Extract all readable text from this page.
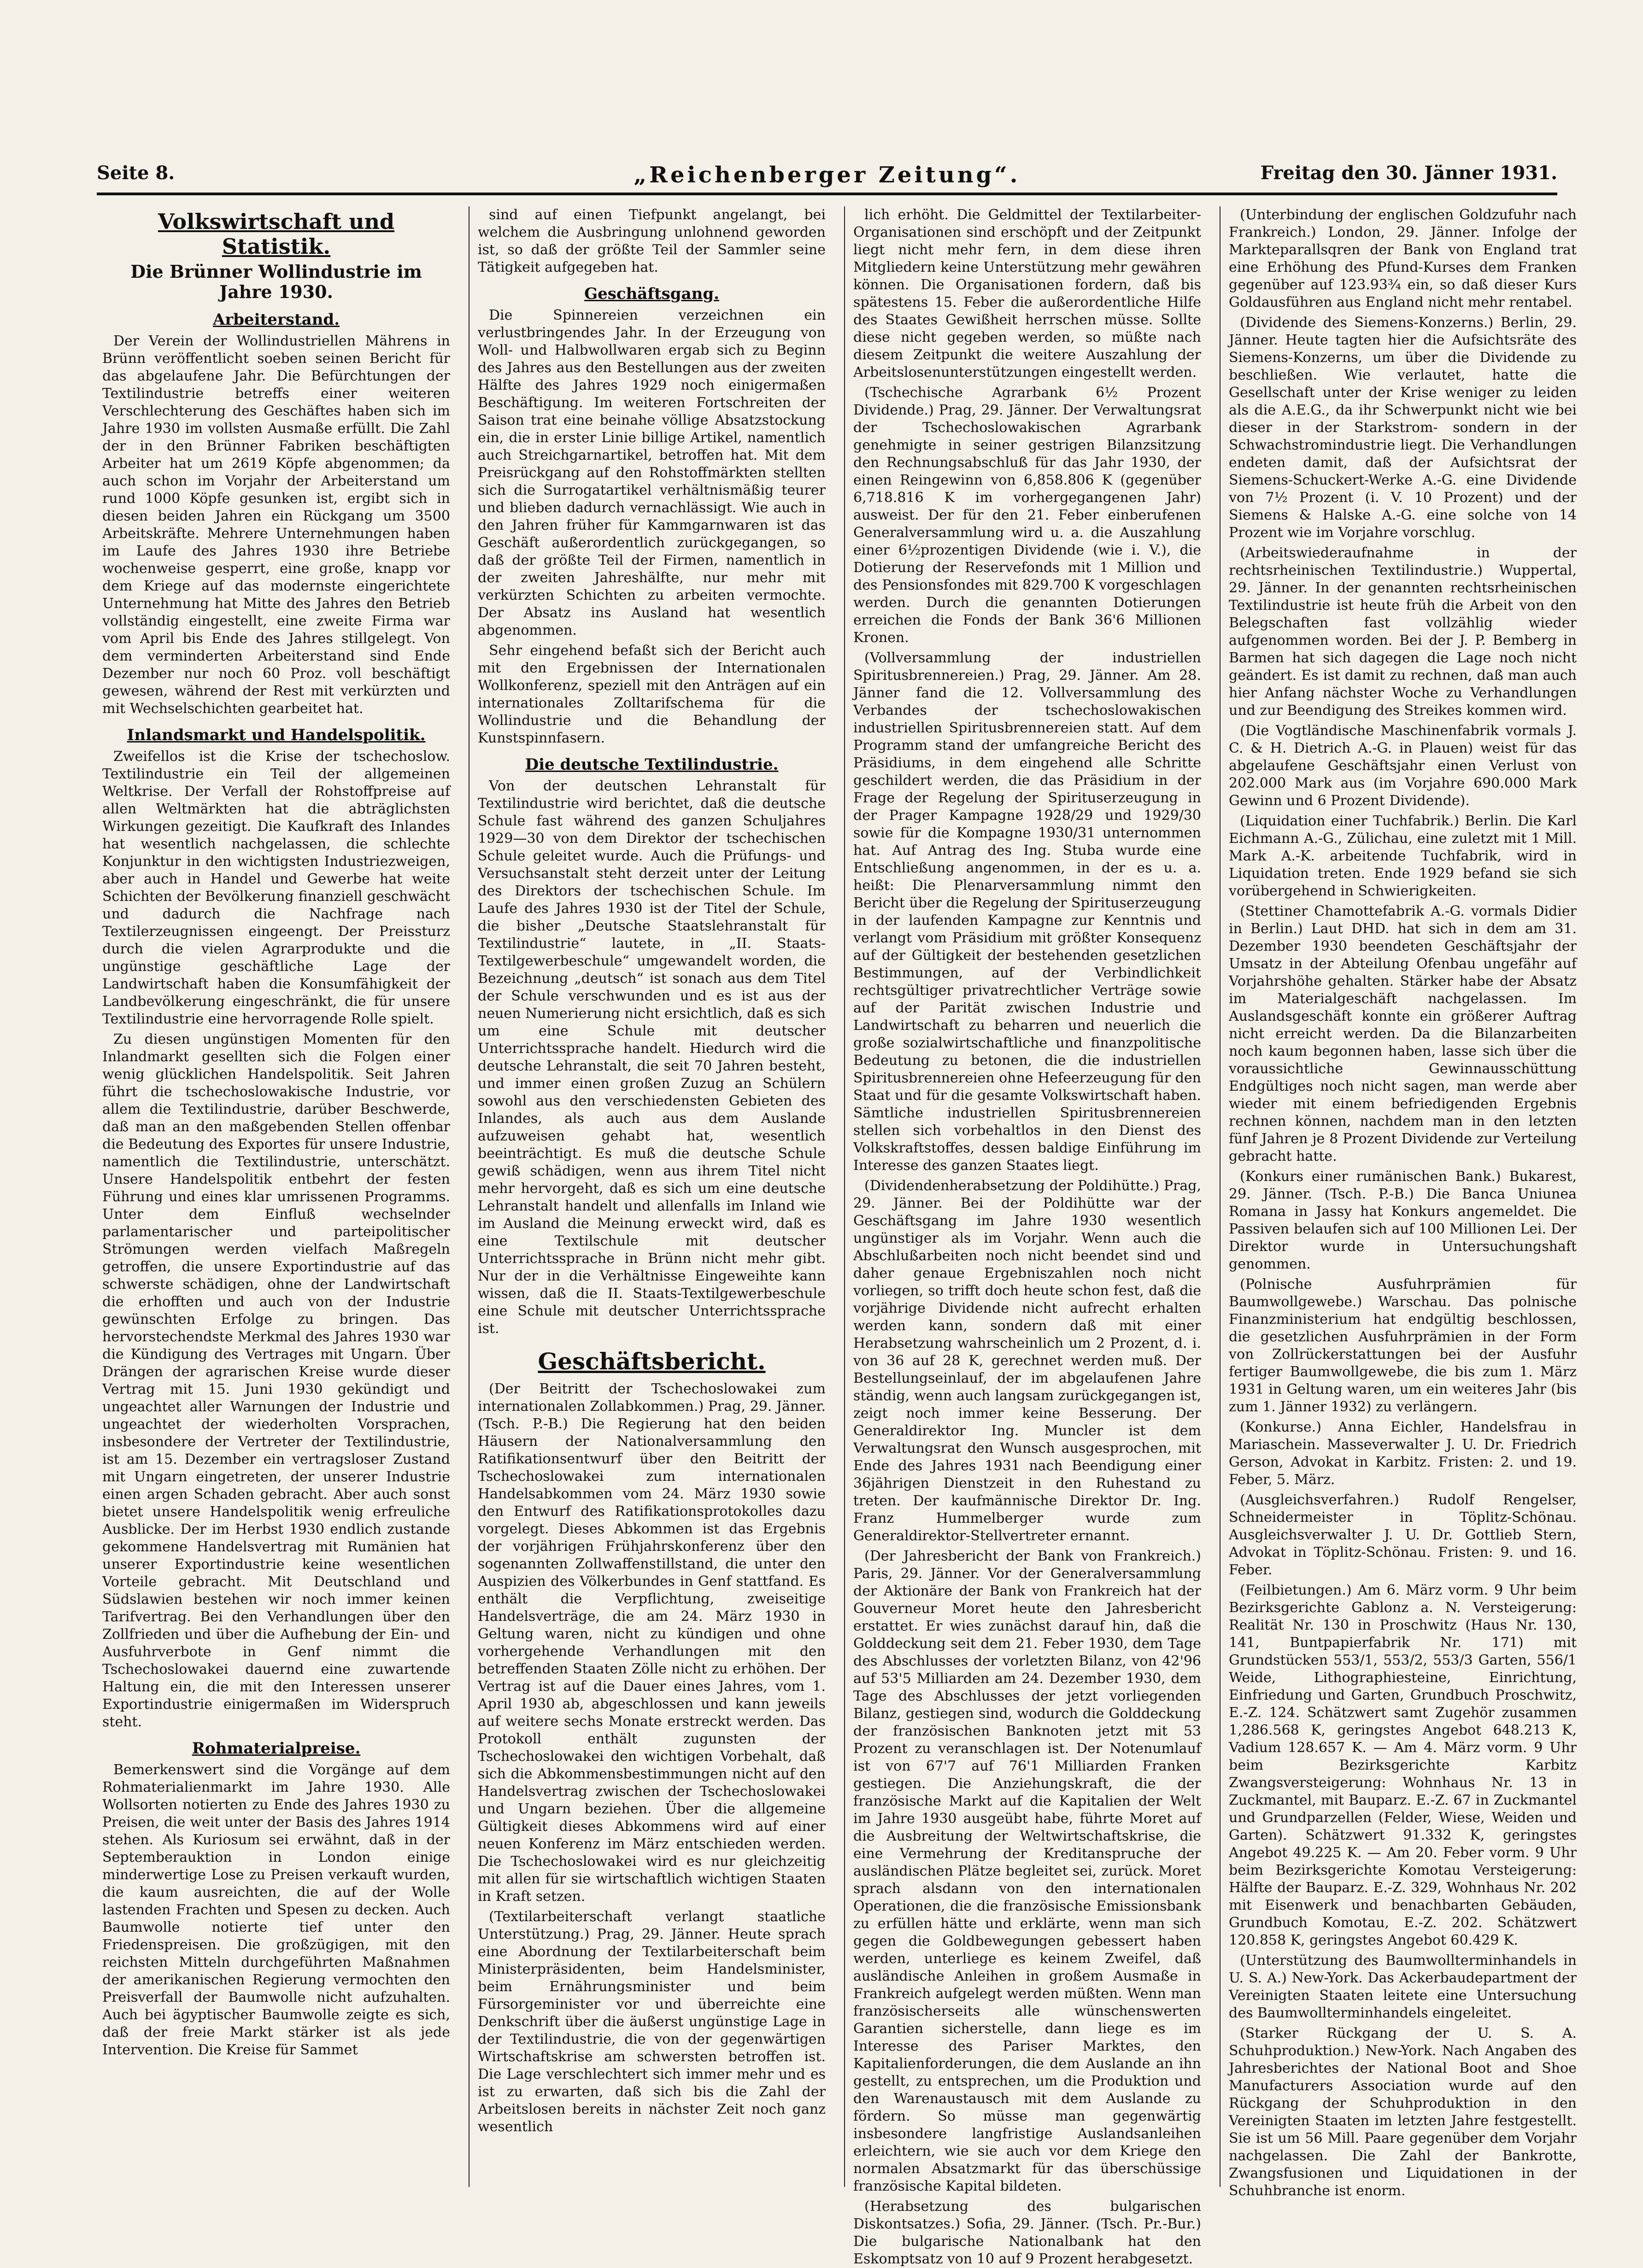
„Reichenberger Zeitung“.
Seite 8.	Freitag den 30. Jänner 1931.
Volkswirtschaft und Statistik.
Die Brünner Wollindustrie im Jahre 1930.
Arbeiterstand.

Der Verein der Wollindustriellen Mährens in Brünn veröffentlicht soeben seinen Bericht für das abgelaufene Jahr. Die Befürchtungen der Textilindustrie betreffs einer weiteren Verschlechterung des Geschäftes haben sich im Jahre 1930 im vollsten Ausmaße erfüllt. Die Zahl der in den Brünner Fabriken beschäftigten Arbeiter hat um 2619 Köpfe abgenommen; da auch schon im Vorjahr der Arbeiterstand um rund 1000 Köpfe gesunken ist, ergibt sich in diesen beiden Jahren ein Rückgang um 3500 Arbeitskräfte. Mehrere Unternehmungen haben im Laufe des Jahres 1930 ihre Betriebe wochenweise gesperrt, eine große, knapp vor dem Kriege auf das modernste eingerichtete Unternehmung hat Mitte des Jahres den Betrieb vollständig eingestellt, eine zweite Firma war vom April bis Ende des Jahres stillgelegt. Von dem verminderten Arbeiterstand sind Ende Dezember nur noch 60 Proz. voll beschäftigt gewesen, während der Rest mit verkürzten und mit Wechselschichten gearbeitet hat.

Inlandsmarkt und Handelspolitik.

Zweifellos ist die Krise der tschechoslow. Textilindustrie ein Teil der allgemeinen Weltkrise. Der Verfall der Rohstoffpreise auf allen Weltmärkten hat die abträglichsten Wirkungen gezeitigt. Die Kaufkraft des Inlandes hat wesentlich nachgelassen, die schlechte Konjunktur in den wichtigsten Industriezweigen, aber auch in Handel und Gewerbe hat weite Schichten der Bevölkerung finanziell geschwächt und dadurch die Nachfrage nach Textilerzeugnissen eingeengt. Der Preissturz durch die vielen Agrarprodukte und die ungünstige geschäftliche Lage der Landwirtschaft haben die Konsumfähigkeit der Landbevölkerung eingeschränkt, die für unsere Textilindustrie eine hervorragende Rolle spielt.

Zu diesen ungünstigen Momenten für den Inlandmarkt gesellten sich die Folgen einer wenig glücklichen Handelspolitik. Seit Jahren führt die tschechoslowakische Industrie, vor allem die Textilindustrie, darüber Beschwerde, daß man an den maßgebenden Stellen offenbar die Bedeutung des Exportes für unsere Industrie, namentlich die Textilindustrie, unterschätzt. Unsere Handelspolitik entbehrt der festen Führung und eines klar umrissenen Programms. Unter dem Einfluß wechselnder parlamentarischer und parteipolitischer Strömungen werden vielfach Maßregeln getroffen, die unsere Exportindustrie auf das schwerste schädigen, ohne der Landwirtschaft die erhofften und auch von der Industrie gewünschten Erfolge zu bringen. Das hervorstechendste Merkmal des Jahres 1930 war die Kündigung des Vertrages mit Ungarn. Über Drängen der agrarischen Kreise wurde dieser Vertrag mit 15. Juni 1930 gekündigt und ungeachtet aller Warnungen der Industrie und ungeachtet der wiederholten Vorsprachen, insbesondere der Vertreter der Textilindustrie, ist am 15. Dezember ein vertragsloser Zustand mit Ungarn eingetreten, der unserer Industrie einen argen Schaden gebracht. Aber auch sonst bietet unsere Handelspolitik wenig erfreuliche Ausblicke. Der im Herbst 1930 endlich zustande gekommene Handelsvertrag mit Rumänien hat unserer Exportindustrie keine wesentlichen Vorteile gebracht. Mit Deutschland und Südslawien bestehen wir noch immer keinen Tarifvertrag. Bei den Verhandlungen über den Zollfrieden und über die Aufhebung der Ein- und Ausfuhrverbote in Genf nimmt die Tschechoslowakei dauernd eine zuwartende Haltung ein, die mit den Interessen unserer Exportindustrie einigermaßen im Widerspruch steht.

Rohmaterialpreise.

Bemerkenswert sind die Vorgänge auf dem Rohmaterialienmarkt im Jahre 1930. Alle Wollsorten notierten zu Ende des Jahres 1930 zu Preisen, die weit unter der Basis des Jahres 1914 stehen. Als Kuriosum sei erwähnt, daß in der Septemberauktion in London einige minderwertige Lose zu Preisen verkauft wurden, die kaum ausreichten, die auf der Wolle lastenden Frachten und Spesen zu decken. Auch Baumwolle notierte tief unter den Friedenspreisen. Die großzügigen, mit den reichsten Mitteln durchgeführten Maßnahmen der amerikanischen Regierung vermochten den Preisverfall der Baumwolle nicht aufzuhalten. Auch bei ägyptischer Baumwolle zeigte es sich, daß der freie Markt stärker ist als jede Intervention. Die Kreise für Sammet

sind auf einen Tiefpunkt angelangt, bei welchem die Ausbringung unlohnend geworden ist, so daß der größte Teil der Sammler seine Tätigkeit aufgegeben hat.

Geschäftsgang.

Die Spinnereien verzeichnen ein verlustbringendes Jahr. In der Erzeugung von Woll- und Halbwollwaren ergab sich zu Beginn des Jahres aus den Bestellungen aus der zweiten Hälfte des Jahres 1929 noch einigermaßen Beschäftigung. Im weiteren Fortschreiten der Saison trat eine beinahe völlige Absatzstockung ein, die in erster Linie billige Artikel, namentlich auch Streichgarnartikel, betroffen hat. Mit dem Preisrückgang auf den Rohstoffmärkten stellten sich die Surrogatartikel verhältnismäßig teurer und blieben dadurch vernachlässigt. Wie auch in den Jahren früher für Kammgarnwaren ist das Geschäft außerordentlich zurückgegangen, so daß der größte Teil der Firmen, namentlich in der zweiten Jahreshälfte, nur mehr mit verkürzten Schichten zu arbeiten vermochte. Der Absatz ins Ausland hat wesentlich abgenommen.

Sehr eingehend befaßt sich der Bericht auch mit den Ergebnissen der Internationalen Wollkonferenz, speziell mit den Anträgen auf ein internationales Zolltarifschema für die Wollindustrie und die Behandlung der Kunstspinnfasern.

Die deutsche Textilindustrie.

Von der deutschen Lehranstalt für Textilindustrie wird berichtet, daß die deutsche Schule fast während des ganzen Schuljahres 1929—30 von dem Direktor der tschechischen Schule geleitet wurde. Auch die Prüfungs- und Versuchsanstalt steht derzeit unter der Leitung des Direktors der tschechischen Schule. Im Laufe des Jahres 1930 ist der Titel der Schule, die bisher „Deutsche Staatslehranstalt für Textilindustrie“ lautete, in „II. Staats-Textilgewerbeschule“ umgewandelt worden, die Bezeichnung „deutsch“ ist sonach aus dem Titel der Schule verschwunden und es ist aus der neuen Numerierung nicht ersichtlich, daß es sich um eine Schule mit deutscher Unterrichtssprache handelt. Hiedurch wird die deutsche Lehranstalt, die seit 70 Jahren besteht, und immer einen großen Zuzug an Schülern sowohl aus den verschiedensten Gebieten des Inlandes, als auch aus dem Auslande aufzuweisen gehabt hat, wesentlich beeinträchtigt. Es muß die deutsche Schule gewiß schädigen, wenn aus ihrem Titel nicht mehr hervorgeht, daß es sich um eine deutsche Lehranstalt handelt und allenfalls im Inland wie im Ausland die Meinung erweckt wird, daß es eine Textilschule mit deutscher Unterrichtssprache in Brünn nicht mehr gibt. Nur der in die Verhältnisse Eingeweihte kann wissen, daß die II. Staats-Textilgewerbeschule eine Schule mit deutscher Unterrichtssprache ist.

Geschäftsbericht.

(Der Beitritt der Tschechoslowakei zum internationalen Zollabkommen.) Prag, 29. Jänner. (Tsch. P.-B.) Die Regierung hat den beiden Häusern der Nationalversammlung den Ratifikationsentwurf über den Beitritt der Tschechoslowakei zum internationalen Handelsabkommen vom 24. März 1930 sowie den Entwurf des Ratifikationsprotokolles dazu vorgelegt. Dieses Abkommen ist das Ergebnis der vorjährigen Frühjahrskonferenz über den sogenannten Zollwaffenstillstand, die unter den Auspizien des Völkerbundes in Genf stattfand. Es enthält die Verpflichtung, zweiseitige Handelsverträge, die am 24. März 1930 in Geltung waren, nicht zu kündigen und ohne vorhergehende Verhandlungen mit den betreffenden Staaten Zölle nicht zu erhöhen. Der Vertrag ist auf die Dauer eines Jahres, vom 1. April 1930 ab, abgeschlossen und kann jeweils auf weitere sechs Monate erstreckt werden. Das Protokoll enthält zugunsten der Tschechoslowakei den wichtigen Vorbehalt, daß sich die Abkommensbestimmungen nicht auf den Handelsvertrag zwischen der Tschechoslowakei und Ungarn beziehen. Über die allgemeine Gültigkeit dieses Abkommens wird auf einer neuen Konferenz im März entschieden werden. Die Tschechoslowakei wird es nur gleichzeitig mit allen für sie wirtschaftlich wichtigen Staaten in Kraft setzen.

(Textilarbeiterschaft verlangt staatliche Unterstützung.) Prag, 29. Jänner. Heute sprach eine Abordnung der Textilarbeiterschaft beim Ministerpräsidenten, beim Handelsminister, beim Ernährungsminister und beim Fürsorgeminister vor und überreichte eine Denkschrift über die äußerst ungünstige Lage in der Textilindustrie, die von der gegenwärtigen Wirtschaftskrise am schwersten betroffen ist. Die Lage verschlechtert sich immer mehr und es ist zu erwarten, daß sich bis die Zahl der Arbeitslosen bereits in nächster Zeit noch ganz wesentlich

lich erhöht. Die Geldmittel der Textilarbeiter-Organisationen sind erschöpft und der Zeitpunkt liegt nicht mehr fern, in dem diese ihren Mitgliedern keine Unterstützung mehr gewähren können. Die Organisationen fordern, daß bis spätestens 15. Feber die außerordentliche Hilfe des Staates Gewißheit herrschen müsse. Sollte diese nicht gegeben werden, so müßte nach diesem Zeitpunkt die weitere Auszahlung der Arbeitslosenunterstützungen eingestellt werden.

(Tschechische Agrarbank 6½ Prozent Dividende.) Prag, 29. Jänner. Der Verwaltungsrat der Tschechoslowakischen Agrarbank genehmigte in seiner gestrigen Bilanzsitzung den Rechnungsabschluß für das Jahr 1930, der einen Reingewinn von 6,858.806 K (gegenüber 6,718.816 K im vorhergegangenen Jahr) ausweist. Der für den 21. Feber einberufenen Generalversammlung wird u. a. die Auszahlung einer 6½prozentigen Dividende (wie i. V.), die Dotierung der Reservefonds mit 1 Million und des Pensionsfondes mit 829.700 K vorgeschlagen werden. Durch die genannten Dotierungen erreichen die Fonds der Bank 36'6 Millionen Kronen.

(Vollversammlung der industriellen Spiritusbrennereien.) Prag, 29. Jänner. Am 28. Jänner fand die 12. Vollversammlung des Verbandes der tschechoslowakischen industriellen Spiritusbrennereien statt. Auf dem Programm stand der umfangreiche Bericht des Präsidiums, in dem eingehend alle Schritte geschildert werden, die das Präsidium in der Frage der Regelung der Spirituserzeugung in der Prager Kampagne 1928/29 und 1929/30 sowie für die Kompagne 1930/31 unternommen hat. Auf Antrag des Ing. Stuba wurde eine Entschließung angenommen, in der es u. a. heißt: Die Plenarversammlung nimmt den Bericht über die Regelung der Spirituserzeugung in der laufenden Kampagne zur Kenntnis und verlangt vom Präsidium mit größter Konsequenz auf der Gültigkeit der bestehenden gesetzlichen Bestimmungen, auf der Verbindlichkeit rechtsgültiger privatrechtlicher Verträge sowie auf der Parität zwischen Industrie und Landwirtschaft zu beharren und neuerlich die große sozialwirtschaftliche und finanzpolitische Bedeutung zu betonen, die die industriellen Spiritusbrennereien ohne Hefeerzeugung für den Staat und für die gesamte Volkswirtschaft haben. Sämtliche industriellen Spiritusbrennereien stellen sich vorbehaltlos in den Dienst des Volkskraftstoffes, dessen baldige Einführung im Interesse des ganzen Staates liegt.

(Dividendenherabsetzung der Poldihütte.) Prag, 29. Jänner. Bei der Poldihütte war der Geschäftsgang im Jahre 1930 wesentlich ungünstiger als im Vorjahr. Wenn auch die Abschlußarbeiten noch nicht beendet sind und daher genaue Ergebniszahlen noch nicht vorliegen, so trifft doch heute schon fest, daß die vorjährige Dividende nicht aufrecht erhalten werden kann, sondern daß mit einer Herabsetzung wahrscheinlich um 2 Prozent, d. i. von 36 auf 28 K, gerechnet werden muß. Der Bestellungseinlauf, der im abgelaufenen Jahre ständig, wenn auch langsam zurückgegangen ist, zeigt noch immer keine Besserung. Der Generaldirektor Ing. Muncler ist dem Verwaltungsrat den Wunsch ausgesprochen, mit Ende des Jahres 1931 nach Beendigung einer 36jährigen Dienstzeit in den Ruhestand zu treten. Der kaufmännische Direktor Dr. Ing. Franz Hummelberger wurde zum Generaldirektor-Stellvertreter ernannt.

(Der Jahresbericht der Bank von Frankreich.) Paris, 29. Jänner. Vor der Generalversammlung der Aktionäre der Bank von Frankreich hat der Gouverneur Moret heute den Jahresbericht erstattet. Er wies zunächst darauf hin, daß die Golddeckung seit dem 21. Feber 1930, dem Tage des Abschlusses der vorletzten Bilanz, von 42'96 auf 53'5 Milliarden am 24. Dezember 1930, dem Tage des Abschlusses der jetzt vorliegenden Bilanz, gestiegen sind, wodurch die Golddeckung der französischen Banknoten jetzt mit 53 Prozent zu veranschlagen ist. Der Notenumlauf ist von 67'7 auf 76'1 Milliarden Franken gestiegen. Die Anziehungskraft, die der französische Markt auf die Kapitalien der Welt im Jahre 1930 ausgeübt habe, führte Moret auf die Ausbreitung der Weltwirtschaftskrise, die eine Vermehrung der Kreditanspruche der ausländischen Plätze begleitet sei, zurück. Moret sprach alsdann von den internationalen Operationen, die die französische Emissionsbank zu erfüllen hätte und erklärte, wenn man sich gegen die Goldbewegungen gebessert haben werden, unterliege es keinem Zweifel, daß ausländische Anleihen in großem Ausmaße in Frankreich aufgelegt werden müßten. Wenn man französischerseits alle wünschenswerten Garantien sicherstelle, dann liege es im Interesse des Pariser Marktes, den Kapitalienforderungen, die dem Auslande an ihn gestellt, zu entsprechen, um die Produktion und den Warenaustausch mit dem Auslande zu fördern. So müsse man gegenwärtig insbesondere langfristige Auslandsanleihen erleichtern, wie sie auch vor dem Kriege den normalen Absatzmarkt für das überschüssige französische Kapital bildeten.

(Herabsetzung des bulgarischen Diskontsatzes.) Sofia, 29. Jänner. (Tsch. Pr.-Bur.) Die bulgarische Nationalbank hat den Eskomptsatz von 10 auf 9 Prozent herabgesetzt.

(Unterbindung der englischen Goldzufuhr nach Frankreich.) London, 29. Jänner. Infolge der Markteparallsqren der Bank von England trat eine Erhöhung des Pfund-Kurses dem Franken gegenüber auf 123.93¾ ein, so daß dieser Kurs Goldausführen aus England nicht mehr rentabel.

(Dividende des Siemens-Konzerns.) Berlin, 29. Jänner. Heute tagten hier die Aufsichtsräte des Siemens-Konzerns, um über die Dividende zu beschließen. Wie verlautet, hatte die Gesellschaft unter der Krise weniger zu leiden als die A.E.G., da ihr Schwerpunkt nicht wie bei dieser in der Starkstrom- sondern in der Schwachstromindustrie liegt. Die Verhandlungen endeten damit, daß der Aufsichtsrat der Siemens-Schuckert-Werke A.-G. eine Dividende von 7½ Prozent (i. V. 10 Prozent) und der Siemens & Halske A.-G. eine solche von 14 Prozent wie im Vorjahre vorschlug.

(Arbeitswiederaufnahme in der rechtsrheinischen Textilindustrie.) Wuppertal, 29. Jänner. In der genannten rechtsrheinischen Textilindustrie ist heute früh die Arbeit von den Belegschaften fast vollzählig wieder aufgenommen worden. Bei der J. P. Bemberg in Barmen hat sich dagegen die Lage noch nicht geändert. Es ist damit zu rechnen, daß man auch hier Anfang nächster Woche zu Verhandlungen und zur Beendigung des Streikes kommen wird.

(Die Vogtländische Maschinenfabrik vormals J. C. & H. Dietrich A.-G. in Plauen) weist für das abgelaufene Geschäftsjahr einen Verlust von 202.000 Mark aus (im Vorjahre 690.000 Mark Gewinn und 6 Prozent Dividende).

(Liquidation einer Tuchfabrik.) Berlin. Die Karl Eichmann A.-G., Zülichau, eine zuletzt mit 1 Mill. Mark A.-K. arbeitende Tuchfabrik, wird in Liquidation treten. Ende 1929 befand sie sich vorübergehend in Schwierigkeiten.

(Stettiner Chamottefabrik A.-G. vormals Didier in Berlin.) Laut DHD. hat sich in dem am 31. Dezember 1930 beendeten Geschäftsjahr der Umsatz in der Abteilung Ofenbau ungefähr auf Vorjahrshöhe gehalten. Stärker habe der Absatz im Materialgeschäft nachgelassen. Im Auslandsgeschäft konnte ein größerer Auftrag nicht erreicht werden. Da die Bilanzarbeiten noch kaum begonnen haben, lasse sich über die voraussichtliche Gewinnausschüttung Endgültiges noch nicht sagen, man werde aber wieder mit einem befriedigenden Ergebnis rechnen können, nachdem man in den letzten fünf Jahren je 8 Prozent Dividende zur Verteilung gebracht hatte.

(Konkurs einer rumänischen Bank.) Bukarest, 29. Jänner. (Tsch. P.-B.) Die Banca Uniunea Romana in Jassy hat Konkurs angemeldet. Die Passiven belaufen sich auf 100 Millionen Lei. Der Direktor wurde in Untersuchungshaft genommen.

(Polnische Ausfuhrprämien für Baumwollgewebe.) Warschau. Das polnische Finanzministerium hat endgültig beschlossen, die gesetzlichen Ausfuhrprämien in der Form von Zollrückerstattungen bei der Ausfuhr fertiger Baumwollgewebe, die bis zum 1. März 1931 in Geltung waren, um ein weiteres Jahr (bis zum 1. Jänner 1932) zu verlängern.

(Konkurse.) Anna Eichler, Handelsfrau in Mariaschein. Masseverwalter J. U. Dr. Friedrich Gerson, Advokat in Karbitz. Fristen: 2. und 19. Feber, 5. März.

(Ausgleichsverfahren.) Rudolf Rengelser, Schneidermeister in Töplitz-Schönau. Ausgleichsverwalter J. U. Dr. Gottlieb Stern, Advokat in Töplitz-Schönau. Fristen: 9. und 16. Feber.

(Feilbietungen.) Am 6. März vorm. 9 Uhr beim Bezirksgerichte Gablonz a. N. Versteigerung: Realität Nr. 130 in Proschwitz (Haus Nr. 130, 141, Buntpapierfabrik Nr. 171) mit Grundstücken 553/1, 553/2, 553/3 Garten, 556/1 Weide, Lithographiesteine, Einrichtung, Einfriedung und Garten, Grundbuch Proschwitz, E.-Z. 124. Schätzwert samt Zugehör zusammen 1,286.568 K, geringstes Angebot 648.213 K, Vadium 128.657 K. — Am 4. März vorm. 9 Uhr beim Bezirksgerichte Karbitz Zwangsversteigerung: Wohnhaus Nr. 13 in Zuckmantel, mit Bauparz. E.-Z. 67 in Zuckmantel und Grundparzellen (Felder, Wiese, Weiden und Garten). Schätzwert 91.332 K, geringstes Angebot 49.225 K. — Am 20. Feber vorm. 9 Uhr beim Bezirksgerichte Komotau Versteigerung: Hälfte der Bauparz. E.-Z. 329, Wohnhaus Nr. 202 mit Eisenwerk und benachbarten Gebäuden, Grundbuch Komotau, E.-Z. 202. Schätzwert 120.858 K, geringstes Angebot 60.429 K.

(Unterstützung des Baumwollterminhandels in U. S. A.) New-York. Das Ackerbaudepartment der Vereinigten Staaten leitete eine Untersuchung des Baumwollterminhandels eingeleitet.

(Starker Rückgang der U. S. A. Schuhproduktion.) New-York. Nach Angaben des Jahresberichtes der National Boot and Shoe Manufacturers Association wurde auf den Rückgang der Schuhproduktion in den Vereinigten Staaten im letzten Jahre festgestellt. Sie ist um 56 Mill. Paare gegenüber dem Vorjahr nachgelassen. Die Zahl der Bankrotte, Zwangsfusionen und Liquidationen in der Schuhbranche ist enorm.
